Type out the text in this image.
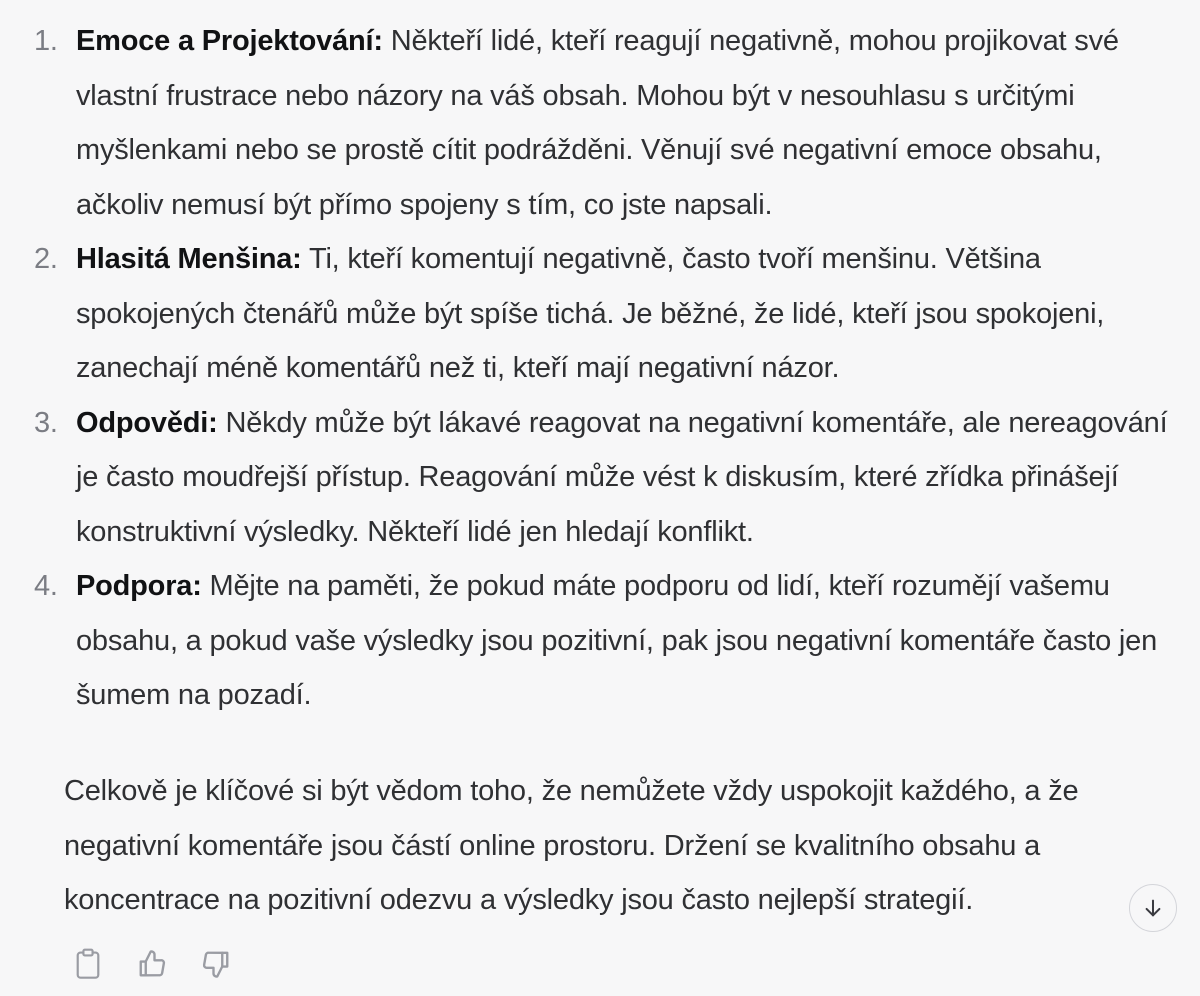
1. Emoce a Projektování: Někteří lidé, kteří reagují negativně, mohou projikovat své vlastní frustrace nebo názory na váš obsah. Mohou být v nesouhlasu s určitými myšlenkami nebo se prostě cítit podrážděni. Věnují své negativní emoce obsahu, ačkoliv nemusí být přímo spojeny s tím, co jste napsali.
2. Hlasitá Menšina: Ti, kteří komentují negativně, často tvoří menšinu. Většina spokojených čtenářů může být spíše tichá. Je běžné, že lidé, kteří jsou spokojeni, zanechají méně komentářů než ti, kteří mají negativní názor.
3. Odpovědi: Někdy může být lákavé reagovat na negativní komentáře, ale nereagování je často moudřejší přístup. Reagování může vést k diskusím, které zřídka přinášejí konstruktivní výsledky. Někteří lidé jen hledají konflikt.
4. Podpora: Mějte na paměti, že pokud máte podporu od lidí, kteří rozumějí vašemu obsahu, a pokud vaše výsledky jsou pozitivní, pak jsou negativní komentáře často jen šumem na pozadí.

Celkově je klíčové si být vědom toho, že nemůžete vždy uspokojit každého, a že negativní komentáře jsou částí online prostoru. Držení se kvalitního obsahu a koncentrace na pozitivní odezvu a výsledky jsou často nejlepší strategií.
